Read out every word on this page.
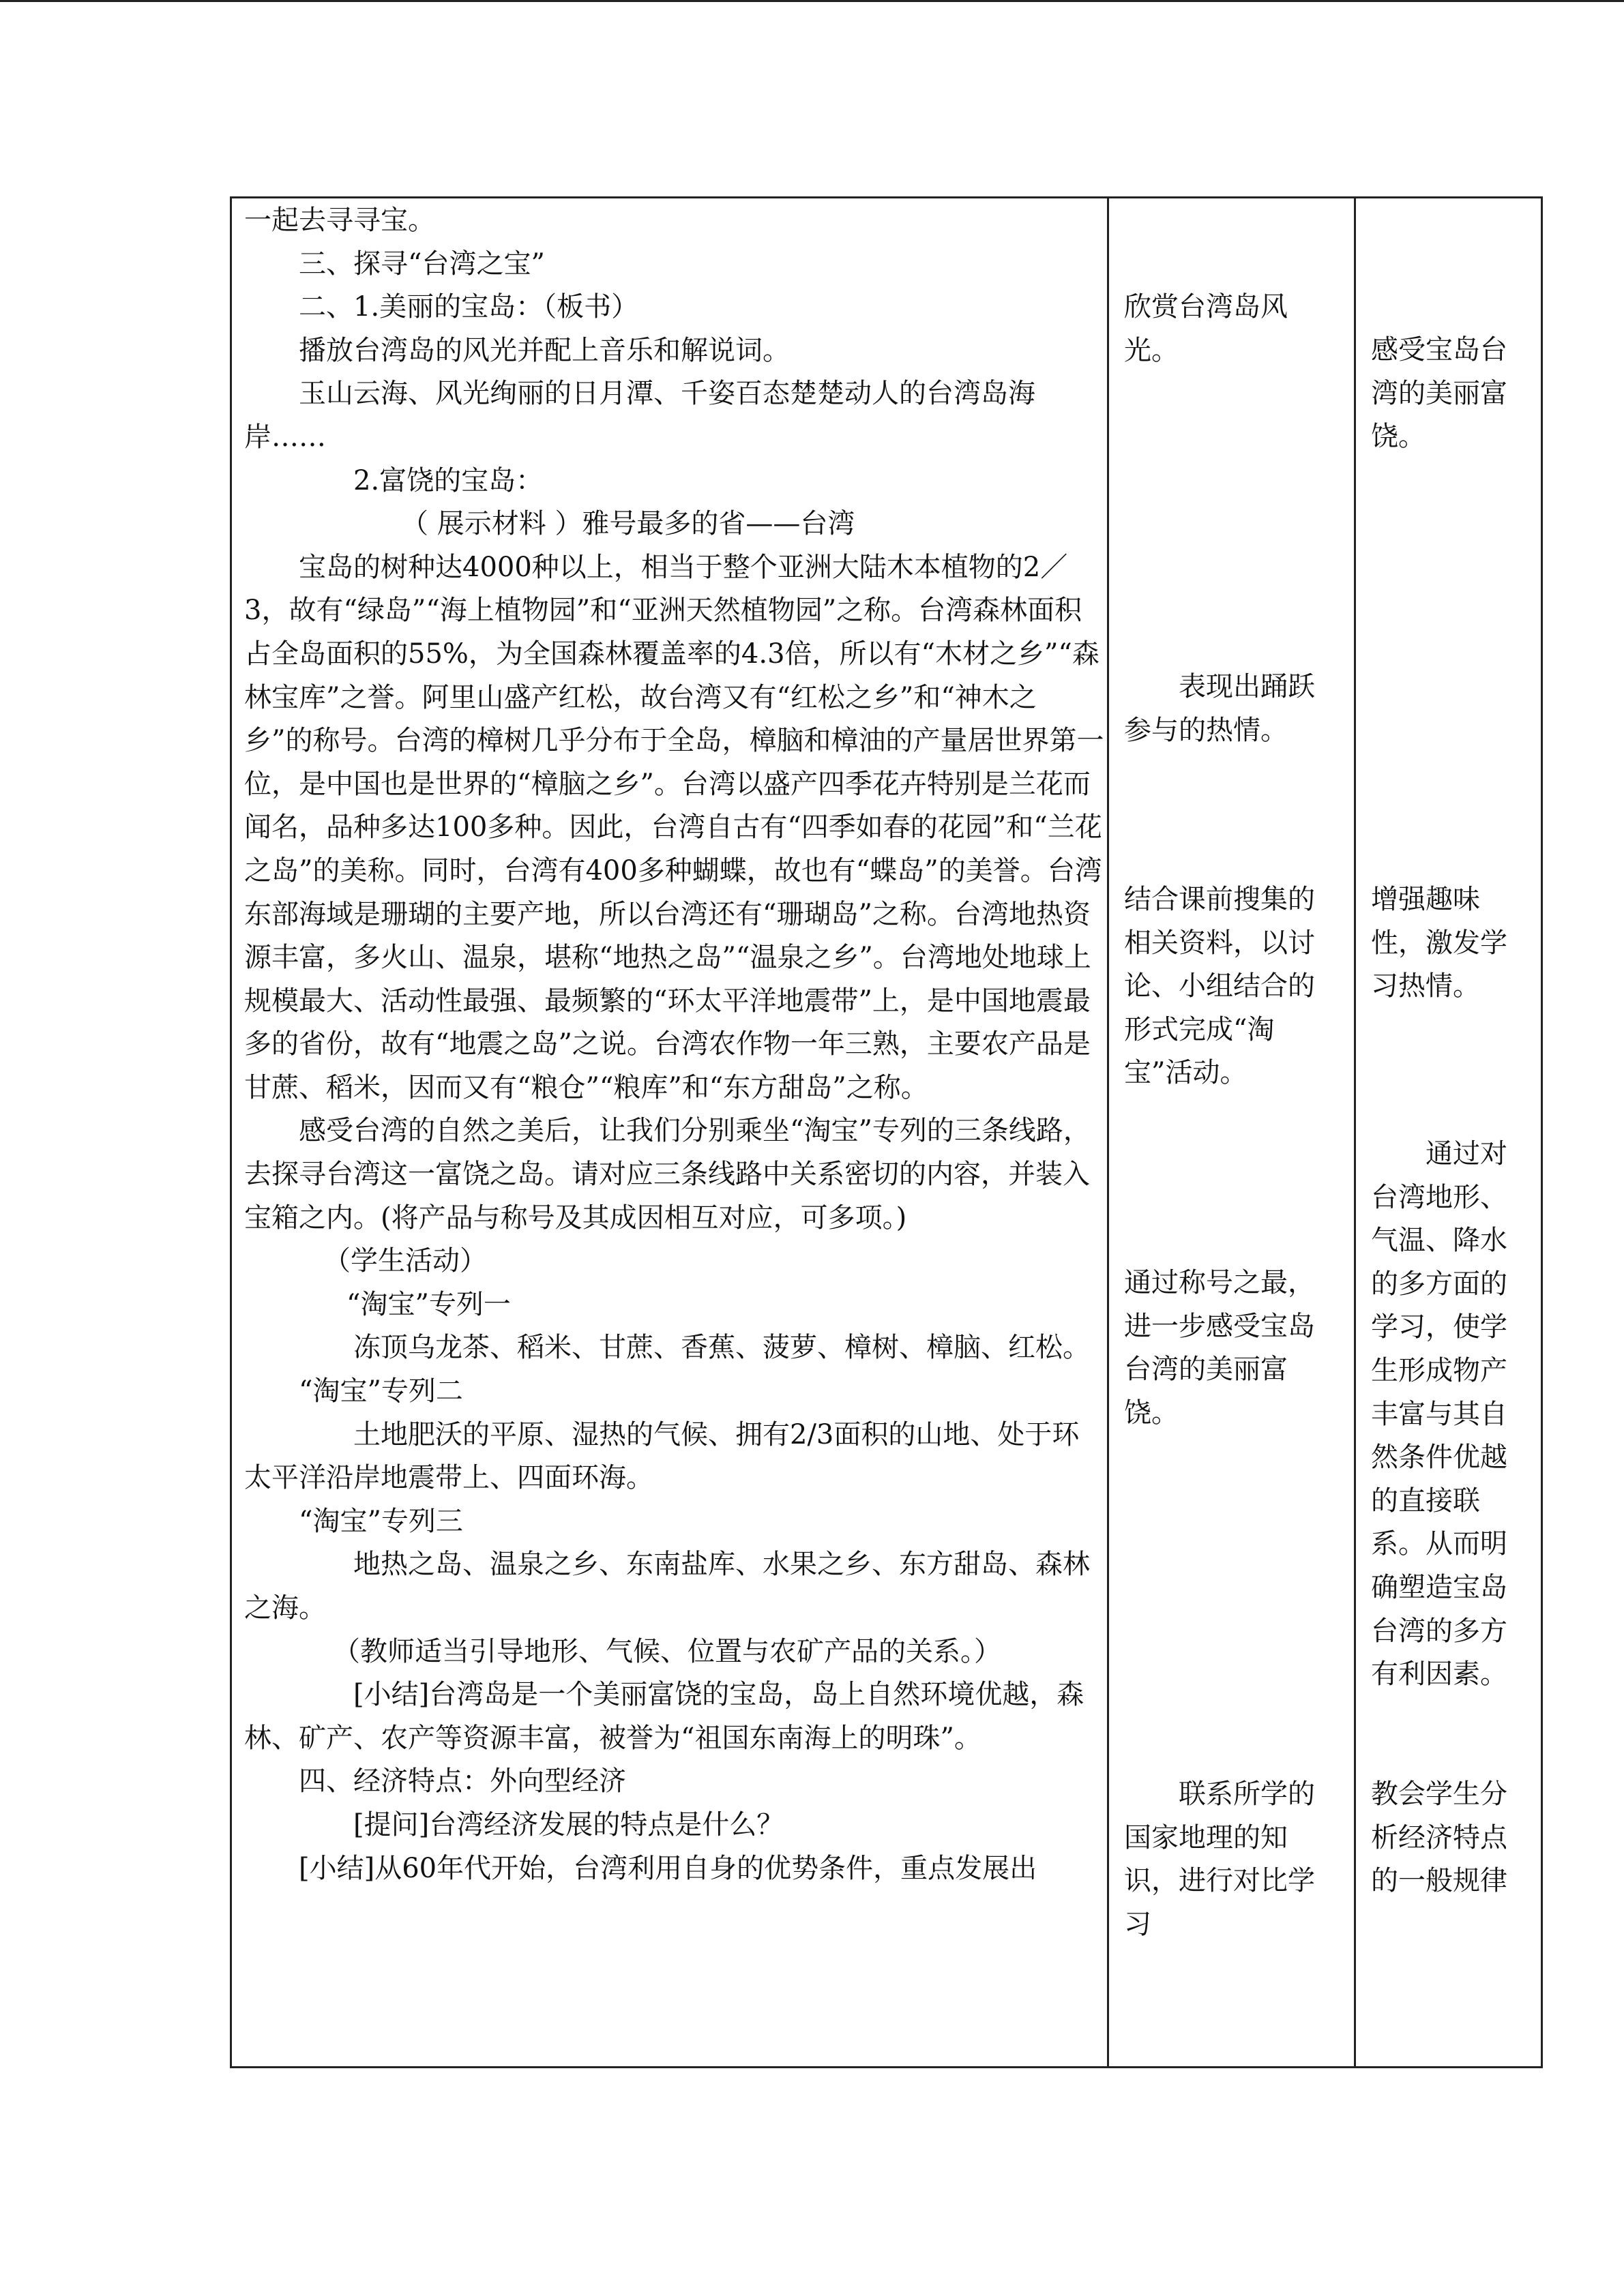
一起去寻寻宝。

三、探寻“台湾之宝”

二、1.美丽的宝岛：（板书）

播放台湾岛的风光并配上音乐和解说词。

玉山云海、风光绚丽的日月潭、千姿百态楚楚动人的台湾岛海岸……

2.富饶的宝岛：

（ 展示材料 ）雅号最多的省——台湾

宝岛的树种达4000种以上，相当于整个亚洲大陆木本植物的2／3，故有“绿岛”“海上植物园”和“亚洲天然植物园”之称。台湾森林面积占全岛面积的55%，为全国森林覆盖率的4.3倍，所以有“木材之乡”“森林宝库”之誉。阿里山盛产红松，故台湾又有“红松之乡”和“神木之乡”的称号。台湾的樟树几乎分布于全岛，樟脑和樟油的产量居世界第一位，是中国也是世界的“樟脑之乡”。台湾以盛产四季花卉特别是兰花而闻名，品种多达100多种。因此，台湾自古有“四季如春的花园”和“兰花之岛”的美称。同时，台湾有400多种蝴蝶，故也有“蝶岛”的美誉。台湾东部海域是珊瑚的主要产地，所以台湾还有“珊瑚岛”之称。台湾地热资源丰富，多火山、温泉，堪称“地热之岛”“温泉之乡”。台湾地处地球上规模最大、活动性最强、最频繁的“环太平洋地震带”上，是中国地震最多的省份，故有“地震之岛”之说。台湾农作物一年三熟，主要农产品是甘蔗、稻米，因而又有“粮仓”“粮库”和“东方甜岛”之称。

感受台湾的自然之美后，让我们分别乘坐“淘宝”专列的三条线路，去探寻台湾这一富饶之岛。请对应三条线路中关系密切的内容，并装入宝箱之内。(将产品与称号及其成因相互对应，可多项。)

（学生活动）

“淘宝”专列一

冻顶乌龙茶、稻米、甘蔗、香蕉、菠萝、樟树、樟脑、红松。

“淘宝”专列二

土地肥沃的平原、湿热的气候、拥有2/3面积的山地、处于环太平洋沿岸地震带上、四面环海。

“淘宝”专列三

地热之岛、温泉之乡、东南盐库、水果之乡、东方甜岛、森林之海。

（教师适当引导地形、气候、位置与农矿产品的关系。）

[小结]台湾岛是一个美丽富饶的宝岛，岛上自然环境优越，森林、矿产、农产等资源丰富，被誉为“祖国东南海上的明珠”。

四、经济特点：外向型经济

[提问]台湾经济发展的特点是什么？

[小结]从60年代开始，台湾利用自身的优势条件，重点发展出

欣赏台湾岛风光。

表现出踊跃参与的热情。

结合课前搜集的相关资料，以讨论、小组结合的形式完成“淘宝”活动。

通过称号之最，进一步感受宝岛台湾的美丽富饶。

联系所学的国家地理的知识，进行对比学习

感受宝岛台湾的美丽富饶。

增强趣味性，激发学习热情。

通过对台湾地形、气温、降水的多方面的学习，使学生形成物产丰富与其自然条件优越的直接联系。从而明确塑造宝岛台湾的多方有利因素。

教会学生分析经济特点的一般规律
